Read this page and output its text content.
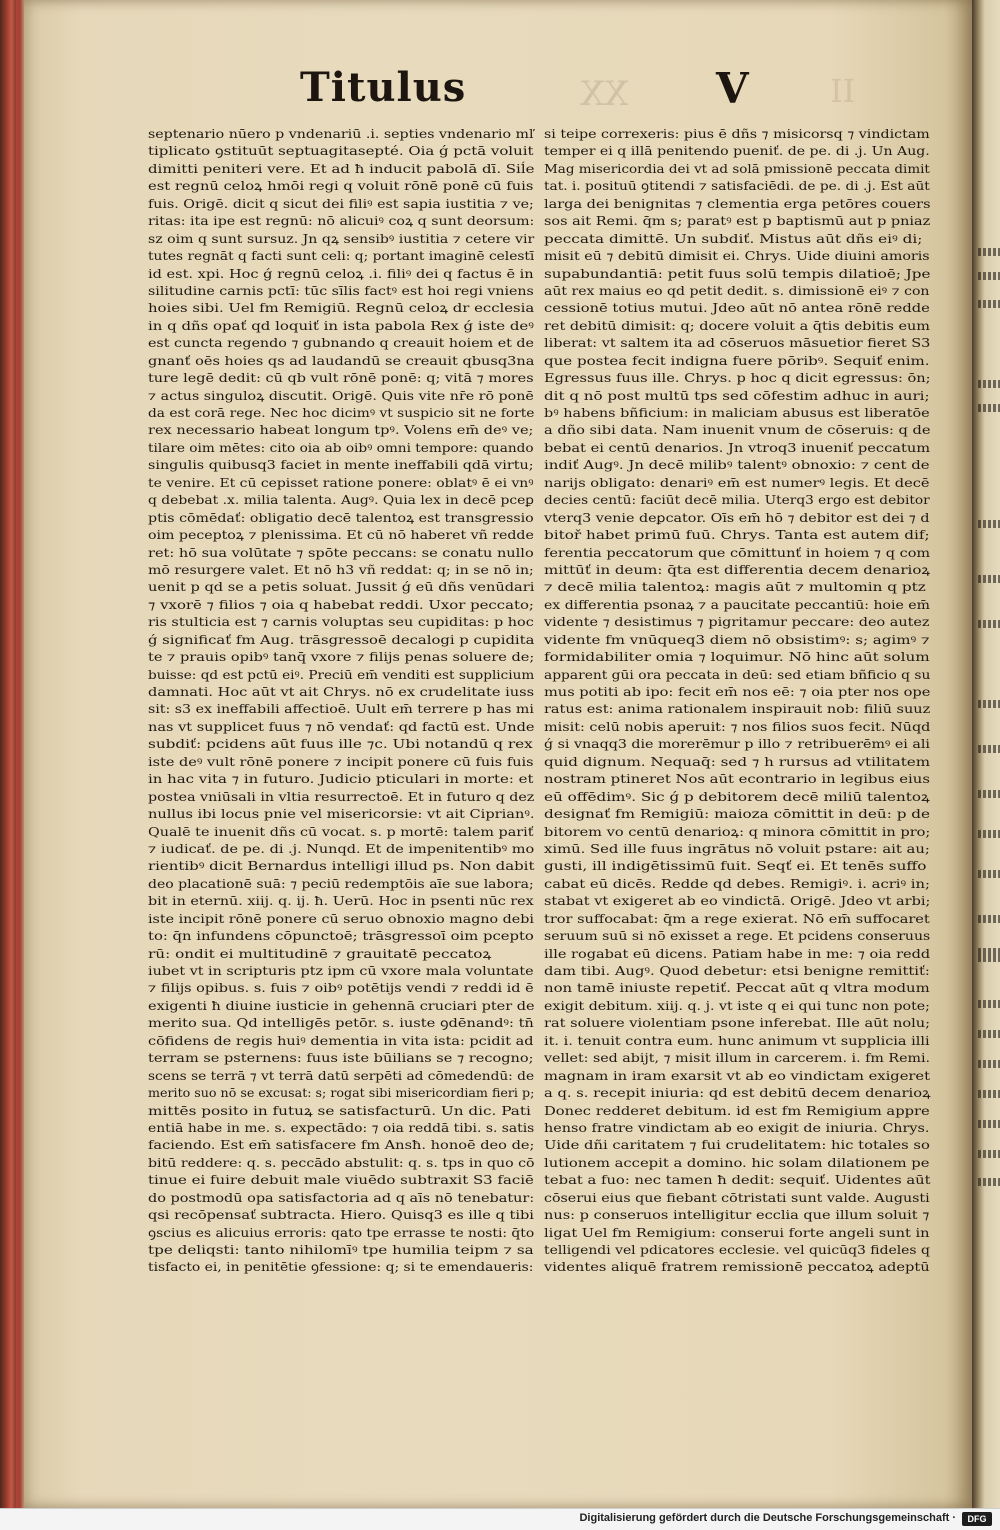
XX	II
Titulus	V
septenario nūero p vndenariū .i. septies vndenario mľ
tiplicato ꝯstituūt septuagitasepté. Oia ǵ pctā voluit
dimitti peniteri vere. Et ad ħ inducit pabolā dī. Siĺe
est regnū celoꝝ hmōi regi q voluit rōnē ponē cū fuis
fuis. Origē. dicit q sicut dei filiꝰ est sapia iustitia ⁊ ve;
ritas: ita ipe est regnū: nō alicuiꝰ coꝝ q sunt deorsum:
sz oim q sunt sursuz. Jn qꝝ sensibꝰ iustitia ⁊ cetere vir
tutes regnāt q facti sunt celi: q; portant imaginē celestī
id est. xpi. Hoc ǵ regnū celoꝝ .i. filiꝰ dei q factus ē in
silitudine carnis pctī: tūc sīlis factꝰ est hoi regi vniens
hoies sibi. Uel fm Remigiū. Regnū celoꝝ dr ecclesia
in q dñs opať qd loquiť in ista pabola Rex ǵ iste deꝰ
est cuncta regendo ⁊ gubnando q creauit hoiem et de
gnanť oēs hoies qs ad laudandū se creauit qbusq3na
ture legē dedit: cū qb vult rōnē ponē: q; vitā ⁊ mores
⁊ actus singuloꝝ discutit. Origē. Quis vite nr̄e rō ponē
da est corā rege. Nec hoc dicimꝰ vt suspicio sit ne forte
rex necessario habeat longum tpꝰ. Volens em̄ deꝰ ve;
tilare oim mētes: cito oia ab oibꝰ omni tempore: quando
singulis quibusq3 faciet in mente ineffabili qdā virtu;
te venire. Et cū cepisset ratione ponere: oblatꝰ ē ei vnꝰ
q debebat .x. milia talenta. Augꝰ. Quia lex in decē pceꝑ
ptis cōmēdať: obligatio decē talentoꝝ est transgressio
oim peceptoꝝ ⁊ plenissima. Et cū nō haberet vñ redde
ret: hō sua volūtate ⁊ spōte peccans: se conatu nullo
mō resurgere valet. Et nō h3 vñ reddat: q; in se nō in;
uenit p qd se a petis soluat. Jussit ǵ eū dñs venūdari
⁊ vxorē ⁊ filios ⁊ oia q habebat reddi. Uxor peccato;
ris stulticia est ⁊ carnis voluptas seu cupiditas: p hoc
ǵ significať fm Aug. trāsgressoē decalogi p cupidita
te ⁊ prauis opibꝰ tanq̄ vxore ⁊ filijs penas soluere de;
buisse: qd est pctū eiꝰ. Preciū em̄ venditi est supplicium
damnati. Hoc aūt vt ait Chrys. nō ex crudelitate iuss
sit: s3 ex ineffabili affectioē. Uult em̄ terrere p has mi
nas vt supplicet fuus ⁊ nō vendať: qd factū est. Unde
subdiť: pcidens aūt fuus ille ⁊c. Ubi notandū q rex
iste deꝰ vult rōnē ponere ⁊ incipit ponere cū fuis fuis
in hac vita ⁊ in futuro. Judicio pticulari in morte: et
postea vniūsali in vltia resurrectoē. Et in futuro q dez
nullus ibi locus pnie vel misericorsie: vt ait Ciprianꝰ.
Qualē te inuenit dñs cū vocat. s. p mortē: talem pariť
⁊ iudicať. de pe. di .j. Nunqd. Et de impenitentibꝰ mo
rientibꝰ dicit Bernardus intelligi illud ps. Non dabit
deo placationē suā: ⁊ peciū redemptōis aīe sue labora;
bit in eternū. xiij. q. ij. ħ. Uerū. Hoc in psenti nūc rex
iste incipit rōnē ponere cū seruo obnoxio magno debi
to: q̄n infundens cōpunctoē; trāsgressoī oim pcepto
rū: ondit ei multitudinē ⁊ grauitatē peccatoꝝ
iubet vt in scripturis ptz ipm cū vxore mala voluntate
⁊ filijs opibus. s. fuis ⁊ oibꝰ potētijs vendi ⁊ reddi id ē
exigenti ħ diuine iusticie in gehennā cruciari pter de
merito sua. Qd intelligēs petōr. s. iuste ꝯdēnandꝰ: tn̄
cōfidens de regis huiꝰ dementia in vita ista: pcidit ad
terram se psternens: fuus iste būilians se ⁊ recogno;
scens se terrā ⁊ vt terrā datū serpēti ad cōmedendū: de
merito suo nō se excusat: s; rogat sibi misericordiam fieri p;
mittēs posito in futuꝝ se satisfacturū. Un dic. Pati
entiā habe in me. s. expectādo: ⁊ oia reddā tibi. s. satis
faciendo. Est em̄ satisfacere fm Ansħ. honoē deo de;
bitū reddere: q. s. peccādo abstulit: q. s. tps in quo cō
tinue ei fuire debuit male viuēdo subtraxit S3 faciē
do postmodū opa satisfactoria ad q aīs nō tenebatur:
qsi recōpensať subtracta. Hiero. Quisq3 es ille q tibi
ꝯscius es alicuius erroris: qato tpe errasse te nosti: q̄to
tpe deliqsti: tanto nihilomīꝰ tpe humilia teipm ⁊ sa
tisfacto ei, in penitētie ꝯfessione: q; si te emendaueris:
si teipe correxeris: pius ē dñs ⁊ misicorsq ⁊ vindictam
temper ei q illā penitendo pueniť. de pe. di .j. Un Aug.
Mag misericordia dei vt ad solā pmissionē peccata dimit
tat. i. posituū ꝯtitendi ⁊ satisfaciēdi. de pe. di .j. Est aūt
larga dei benignitas ⁊ clementia erga petōres couers
sos ait Remi. q̄m s; paratꝰ est p baptismū aut p pniaz
peccata dimittē. Un subdiť. Mistus aūt dñs eiꝰ di;
misit eū ⁊ debitū dimisit ei. Chrys. Uide diuini amoris
supabundantiā: petit fuus solū tempis dilatioē; Jpe
aūt rex maius eo qd petit dedit. s. dimissionē eiꝰ ⁊ con
cessionē totius mutui. Jdeo aūt nō antea rōnē redde
ret debitū dimisit: q; docere voluit a q̄tis debitis eum
liberat: vt saltem ita ad cōseruos māsuetior fieret S3
que postea fecit indigna fuere pōribꝰ. Sequiť enim.
Egressus fuus ille. Chrys. p hoc q dicit egressus: ōn;
dit q nō post multū tps sed cōfestim adhuc in auri;
bꝰ habens bñficium: in maliciam abusus est liberatōe
a dño sibi data. Nam inuenit vnum de cōseruis: q de
bebat ei centū denarios. Jn vtroq3 inueniť peccatum
indiť Augꝰ. Jn decē milibꝰ talentꝰ obnoxio: ⁊ cent de
narijs obligato: denariꝰ em̄ est numerꝰ legis. Et decē
decies centū: faciūt decē milia. Uterq3 ergo est debitor
vterq3 venie deꝑcator. Oīs em̄ hō ⁊ debitor est dei ⁊ d
bitoř habet primū fuū. Chrys. Tanta est autem dif;
ferentia peccatorum que cōmittunť in hoiem ⁊ q com
mittūť in deum: q̄ta est differentia decem denarioꝝ
⁊ decē milia talentoꝝ: magis aūt ⁊ multomin q ptz
ex differentia psonaꝝ ⁊ a paucitate peccantiū: hoie em̄
vidente ⁊ desistimus ⁊ pigritamur peccare: deo autez
vidente fm vnūqueq3 diem nō obsistimꝰ: s; agimꝰ ⁊
formidabiliter omia ⁊ loquimur. Nō hinc aūt solum
apparent gūi ora peccata in deū: sed etiam bñficio q su
mus potiti ab ipo: fecit em̄ nos eē: ⁊ oia pter nos ope
ratus est: anima rationalem inspirauit nob: filiū suuz
misit: celū nobis aperuit: ⁊ nos filios suos fecit. Nūqd
ǵ si vnaqq3 die morerēmur p illo ⁊ retribuerēmꝰ ei ali
quid dignum. Nequaq̄: sed ⁊ h rursus ad vtilitatem
nostram ptineret Nos aūt econtrario in legibus eius
eū offēdimꝰ. Sic ǵ p debitorem decē miliū talentoꝝ
designať fm Remigiū: maioza cōmittit in deū: p de
bitorem vo centū denarioꝝ: q minora cōmittit in pro;
ximū. Sed ille fuus ingrātus nō voluit pstare: ait au;
gusti, ill indigētissimū fuit. Seqť ei. Et tenēs suffo
cabat eū dicēs. Redde qd debes. Remigiꝰ. i. acriꝰ in;
stabat vt exigeret ab eo vindictā. Origē. Jdeo vt arbi;
tror suffocabat: q̄m a rege exierat. Nō em̄ suffocaret
seruum suū si nō exisset a rege. Et pcidens conseruus
ille rogabat eū dicens. Patiam habe in me: ⁊ oia redd
dam tibi. Augꝰ. Quod debetur: etsi benigne remittiť:
non tamē iniuste repetiť. Peccat aūt q vltra modum
exigit debitum. xiij. q. j. vt iste q ei qui tunc non pote;
rat soluere violentiam psone inferebat. Ille aūt nolu;
it. i. tenuit contra eum. hunc animum vt supplicia illi
vellet: sed abijt, ⁊ misit illum in carcerem. i. fm Remi.
magnam in iram exarsit vt ab eo vindictam exigeret
a q. s. recepit iniuria: qd est debitū decem denarioꝝ
Donec redderet debitum. id est fm Remigium appre
henso fratre vindictam ab eo exigit de iniuria. Chrys.
Uide dñi caritatem ⁊ fui crudelitatem: hic totales so
lutionem accepit a domino. hic solam dilationem pe
tebat a fuo: nec tamen ħ dedit: sequiť. Uidentes aūt
cōserui eius que fiebant cōtristati sunt valde. Augusti
nus: p conseruos intelligitur ecclia que illum soluit ⁊
ligat Uel fm Remigium: conserui forte angeli sunt in
telligendi vel pdicatores ecclesie. vel quicūq3 fideles q
videntes aliquē fratrem remissionē peccatoꝝ adeptū
Digitalisierung gefördert durch die Deutsche Forschungsgemeinschaft ·	DFG
